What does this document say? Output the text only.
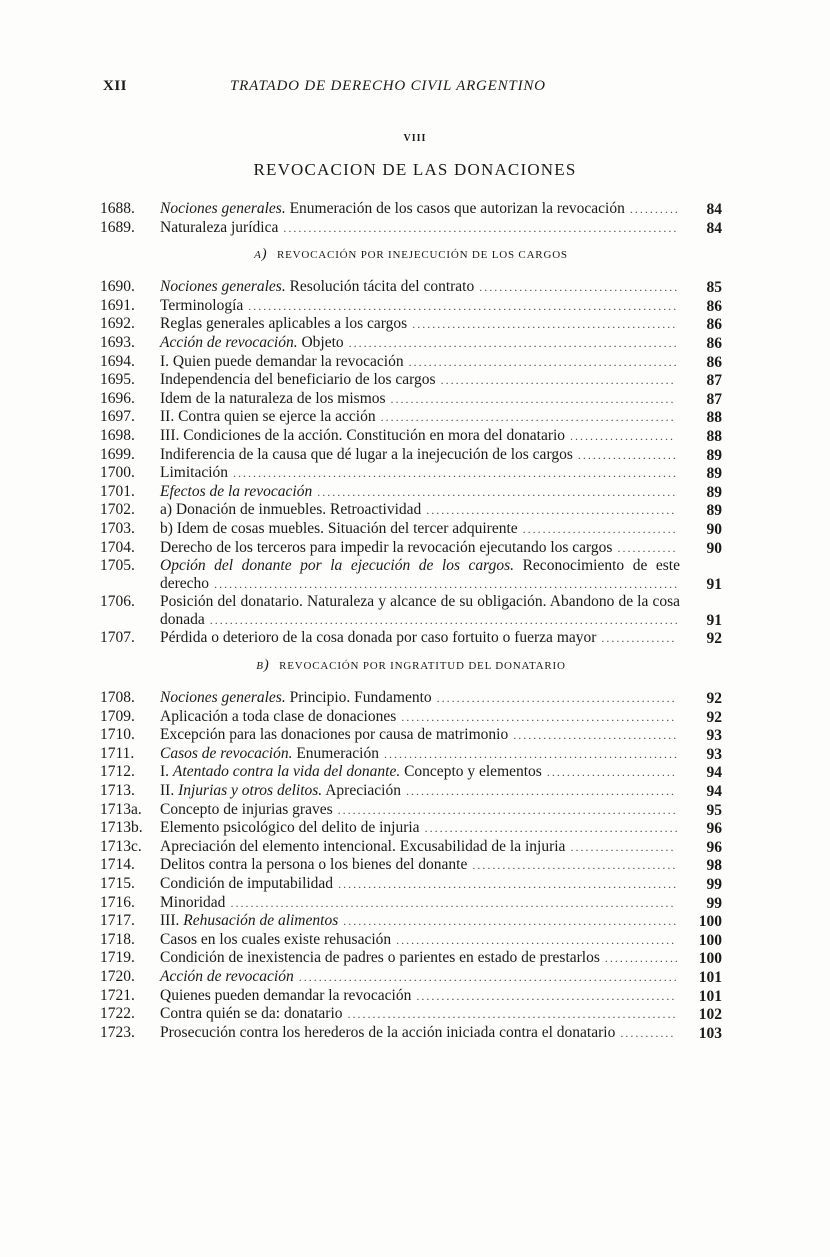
XII	TRATADO DE DERECHO CIVIL ARGENTINO
VIII
REVOCACION DE LAS DONACIONES
1688.	Nociones generales. Enumeración de los casos que autorizan la revocación ..........	84
1689.	Naturaleza jurídica ...............................................................................	84
a) REVOCACIÓN POR INEJECUCIÓN DE LOS CARGOS
1690.	Nociones generales. Resolución tácita del contrato ........................................	85
1691.	Terminología ......................................................................................	86
1692.	Reglas generales aplicables a los cargos .....................................................	86
1693.	Acción de revocación. Objeto ..................................................................	86
1694.	I. Quien puede demandar la revocación ......................................................	86
1695.	Independencia del beneficiario de los cargos ...............................................	87
1696.	Idem de la naturaleza de los mismos .........................................................	87
1697.	II. Contra quien se ejerce la acción ...........................................................	88
1698.	III. Condiciones de la acción. Constitución en mora del donatario .....................	88
1699.	Indiferencia de la causa que dé lugar a la inejecución de los cargos ....................	89
1700.	Limitación .........................................................................................	89
1701.	Efectos de la revocación ........................................................................	89
1702.	a) Donación de inmuebles. Retroactividad ..................................................	89
1703.	b) Idem de cosas muebles. Situación del tercer adquirente ...............................	90
1704.	Derecho de los terceros para impedir la revocación ejecutando los cargos ............	90
1705.	Opción del donante por la ejecución de los cargos. Reconocimiento de este derecho .............................................................................................	91
1706.	Posición del donatario. Naturaleza y alcance de su obligación. Abandono de la cosa donada ..............................................................................................	91
1707.	Pérdida o deterioro de la cosa donada por caso fortuito o fuerza mayor ...............	92
b) REVOCACIÓN POR INGRATITUD DEL DONATARIO
1708.	Nociones generales. Principio. Fundamento ................................................	92
1709.	Aplicación a toda clase de donaciones .......................................................	92
1710.	Excepción para las donaciones por causa de matrimonio .................................	93
1711.	Casos de revocación. Enumeración ...........................................................	93
1712.	I. Atentado contra la vida del donante. Concepto y elementos ..........................	94
1713.	II. Injurias y otros delitos. Apreciación ......................................................	94
1713a.	Concepto de injurias graves ....................................................................	95
1713b.	Elemento psicológico del delito de injuria ...................................................	96
1713c.	Apreciación del elemento intencional. Excusabilidad de la injuria .....................	96
1714.	Delitos contra la persona o los bienes del donante .........................................	98
1715.	Condición de imputabilidad ....................................................................	99
1716.	Minoridad .........................................................................................	99
1717.	III. Rehusación de alimentos ...................................................................	100
1718.	Casos en los cuales existe rehusación ........................................................	100
1719.	Condición de inexistencia de padres o parientes en estado de prestarlos ...............	100
1720.	Acción de revocación ............................................................................	101
1721.	Quienes pueden demandar la revocación ....................................................	101
1722.	Contra quién se da: donatario ..................................................................	102
1723.	Prosecución contra los herederos de la acción iniciada contra el donatario ...........	103
